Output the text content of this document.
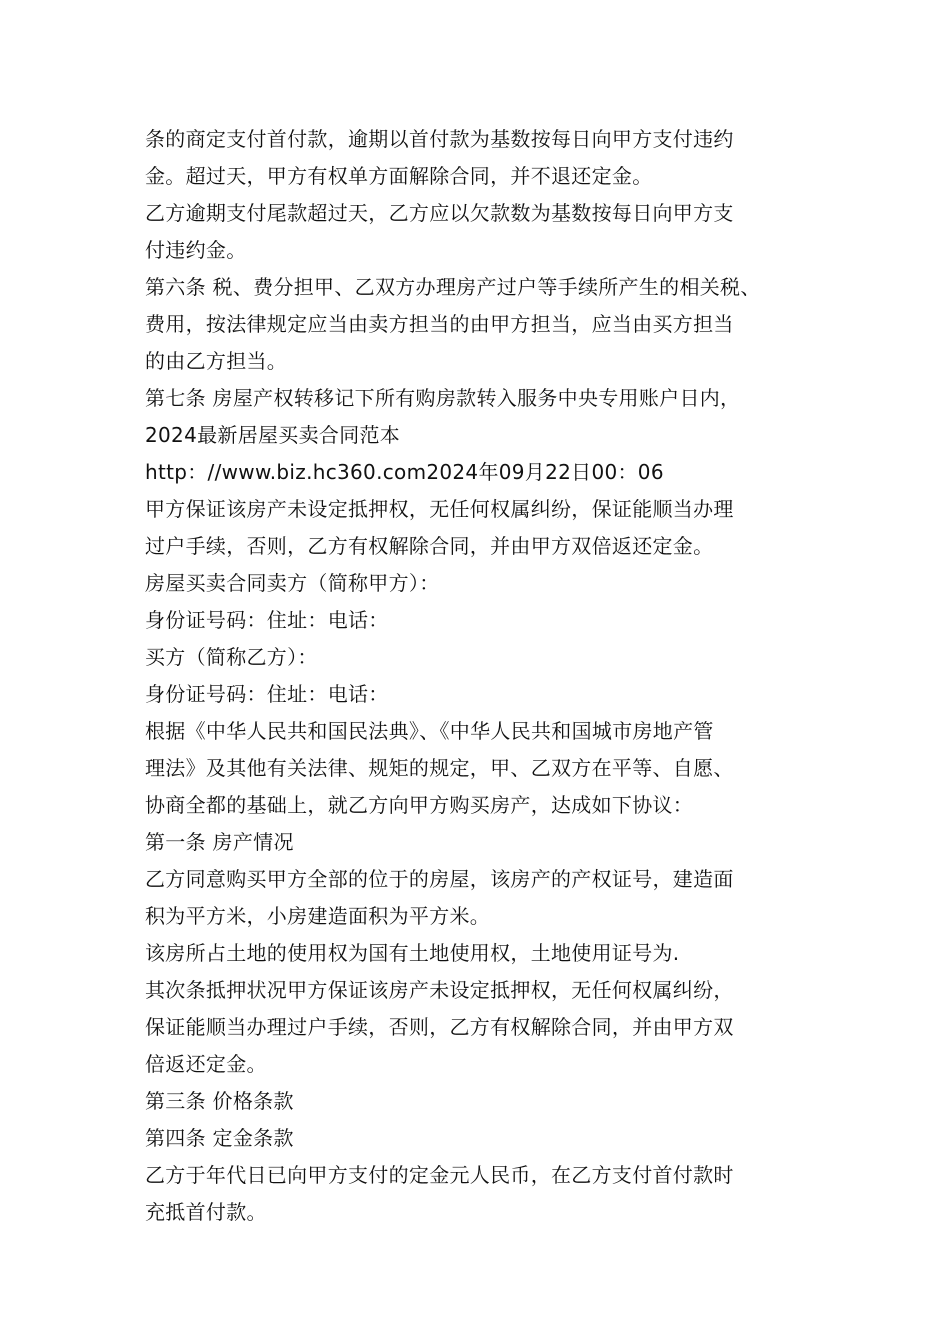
条的商定支付首付款，逾期以首付款为基数按每日向甲方支付违约
金。超过天，甲方有权单方面解除合同，并不退还定金。
乙方逾期支付尾款超过天，乙方应以欠款数为基数按每日向甲方支
付违约金。
第六条 税、费分担甲、乙双方办理房产过户等手续所产生的相关税、
费用，按法律规定应当由卖方担当的由甲方担当，应当由买方担当
的由乙方担当。
第七条 房屋产权转移记下所有购房款转入服务中央专用账户日内，
2024最新居屋买卖合同范本
http：//www.biz.hc360.com2024年09月22日00：06
甲方保证该房产未设定抵押权，无任何权属纠纷，保证能顺当办理
过户手续，否则，乙方有权解除合同，并由甲方双倍返还定金。
房屋买卖合同卖方（简称甲方）：
身份证号码：住址：电话：
买方（简称乙方）：
身份证号码：住址：电话：
根据《中华人民共和国民法典》、《中华人民共和国城市房地产管
理法》及其他有关法律、规矩的规定，甲、乙双方在平等、自愿、
协商全都的基础上，就乙方向甲方购买房产，达成如下协议：
第一条 房产情况
乙方同意购买甲方全部的位于的房屋，该房产的产权证号，建造面
积为平方米，小房建造面积为平方米。
该房所占土地的使用权为国有土地使用权，土地使用证号为.
其次条抵押状况甲方保证该房产未设定抵押权，无任何权属纠纷，
保证能顺当办理过户手续，否则，乙方有权解除合同，并由甲方双
倍返还定金。
第三条 价格条款
第四条 定金条款
乙方于年代日已向甲方支付的定金元人民币，在乙方支付首付款时
充抵首付款。
